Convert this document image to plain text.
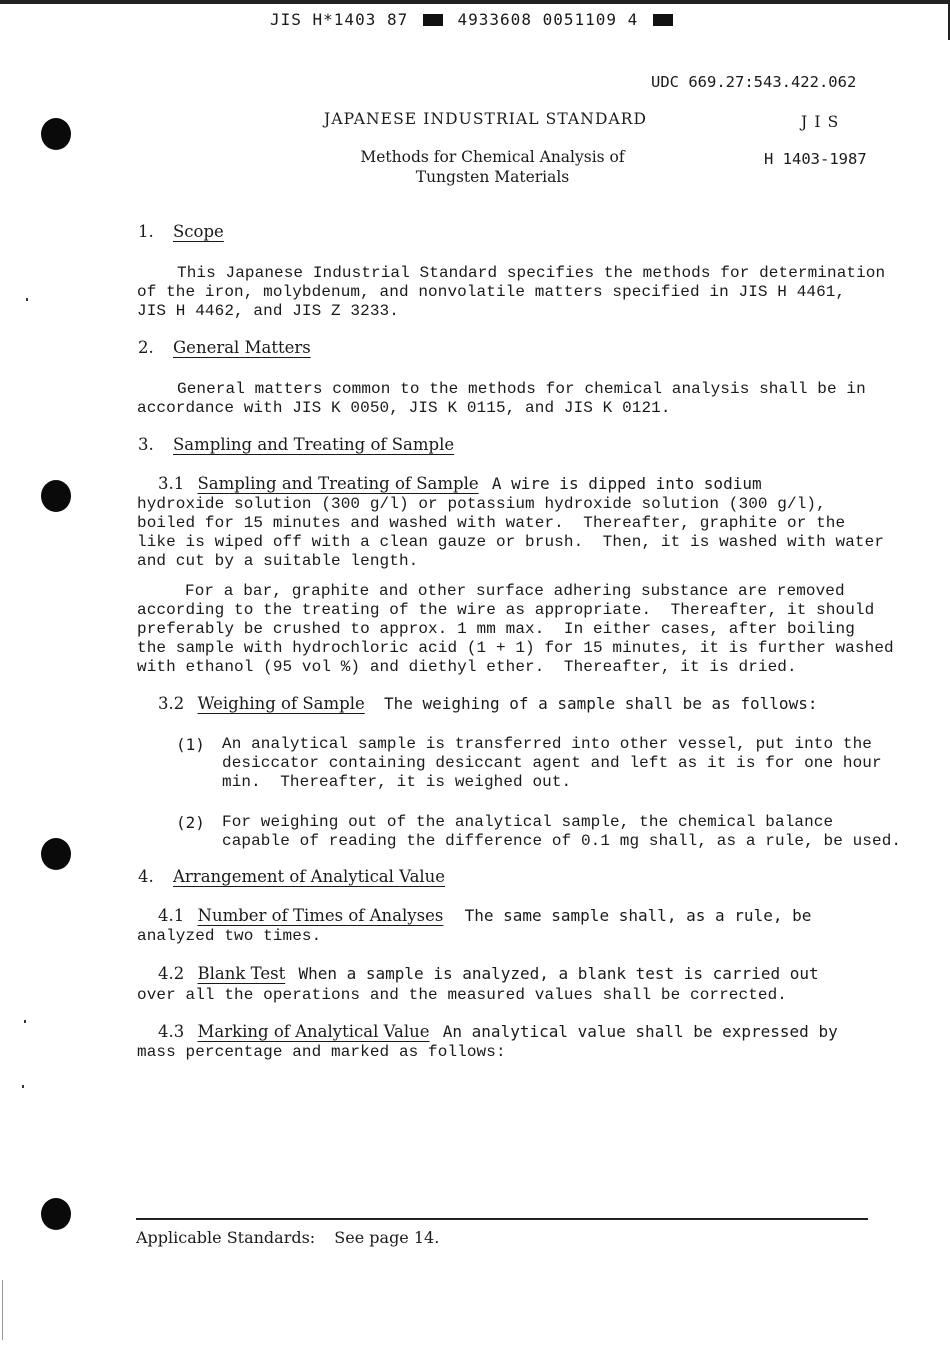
JIS H*1403 87	4933608 0051109 4
UDC 669.27:543.422.062
JAPANESE INDUSTRIAL STANDARD	J I S
Methods for Chemical Analysis of
Tungsten Materials
H 1403-1987
1. Scope
This Japanese Industrial Standard specifies the methods for determination
of the iron, molybdenum, and nonvolatile matters specified in JIS H 4461,
JIS H 4462, and JIS Z 3233.
2. General Matters
General matters common to the methods for chemical analysis shall be in
accordance with JIS K 0050, JIS K 0115, and JIS K 0121.
3. Sampling and Treating of Sample
3.1 Sampling and Treating of Sample A wire is dipped into sodium
hydroxide solution (300 g/l) or potassium hydroxide solution (300 g/l),
boiled for 15 minutes and washed with water.  Thereafter, graphite or the
like is wiped off with a clean gauze or brush.  Then, it is washed with water
and cut by a suitable length.
For a bar, graphite and other surface adhering substance are removed
according to the treating of the wire as appropriate.  Thereafter, it should
preferably be crushed to approx. 1 mm max.  In either cases, after boiling
the sample with hydrochloric acid (1 + 1) for 15 minutes, it is further washed
with ethanol (95 vol %) and diethyl ether.  Thereafter, it is dried.
3.2 Weighing of Sample The weighing of a sample shall be as follows:
(1) An analytical sample is transferred into other vessel, put into the
desiccator containing desiccant agent and left as it is for one hour
min.  Thereafter, it is weighed out.
(2) For weighing out of the analytical sample, the chemical balance
capable of reading the difference of 0.1 mg shall, as a rule, be used.
4. Arrangement of Analytical Value
4.1 Number of Times of Analyses The same sample shall, as a rule, be
analyzed two times.
4.2 Blank Test When a sample is analyzed, a blank test is carried out
over all the operations and the measured values shall be corrected.
4.3 Marking of Analytical Value An analytical value shall be expressed by
mass percentage and marked as follows:
Applicable Standards: See page 14.
